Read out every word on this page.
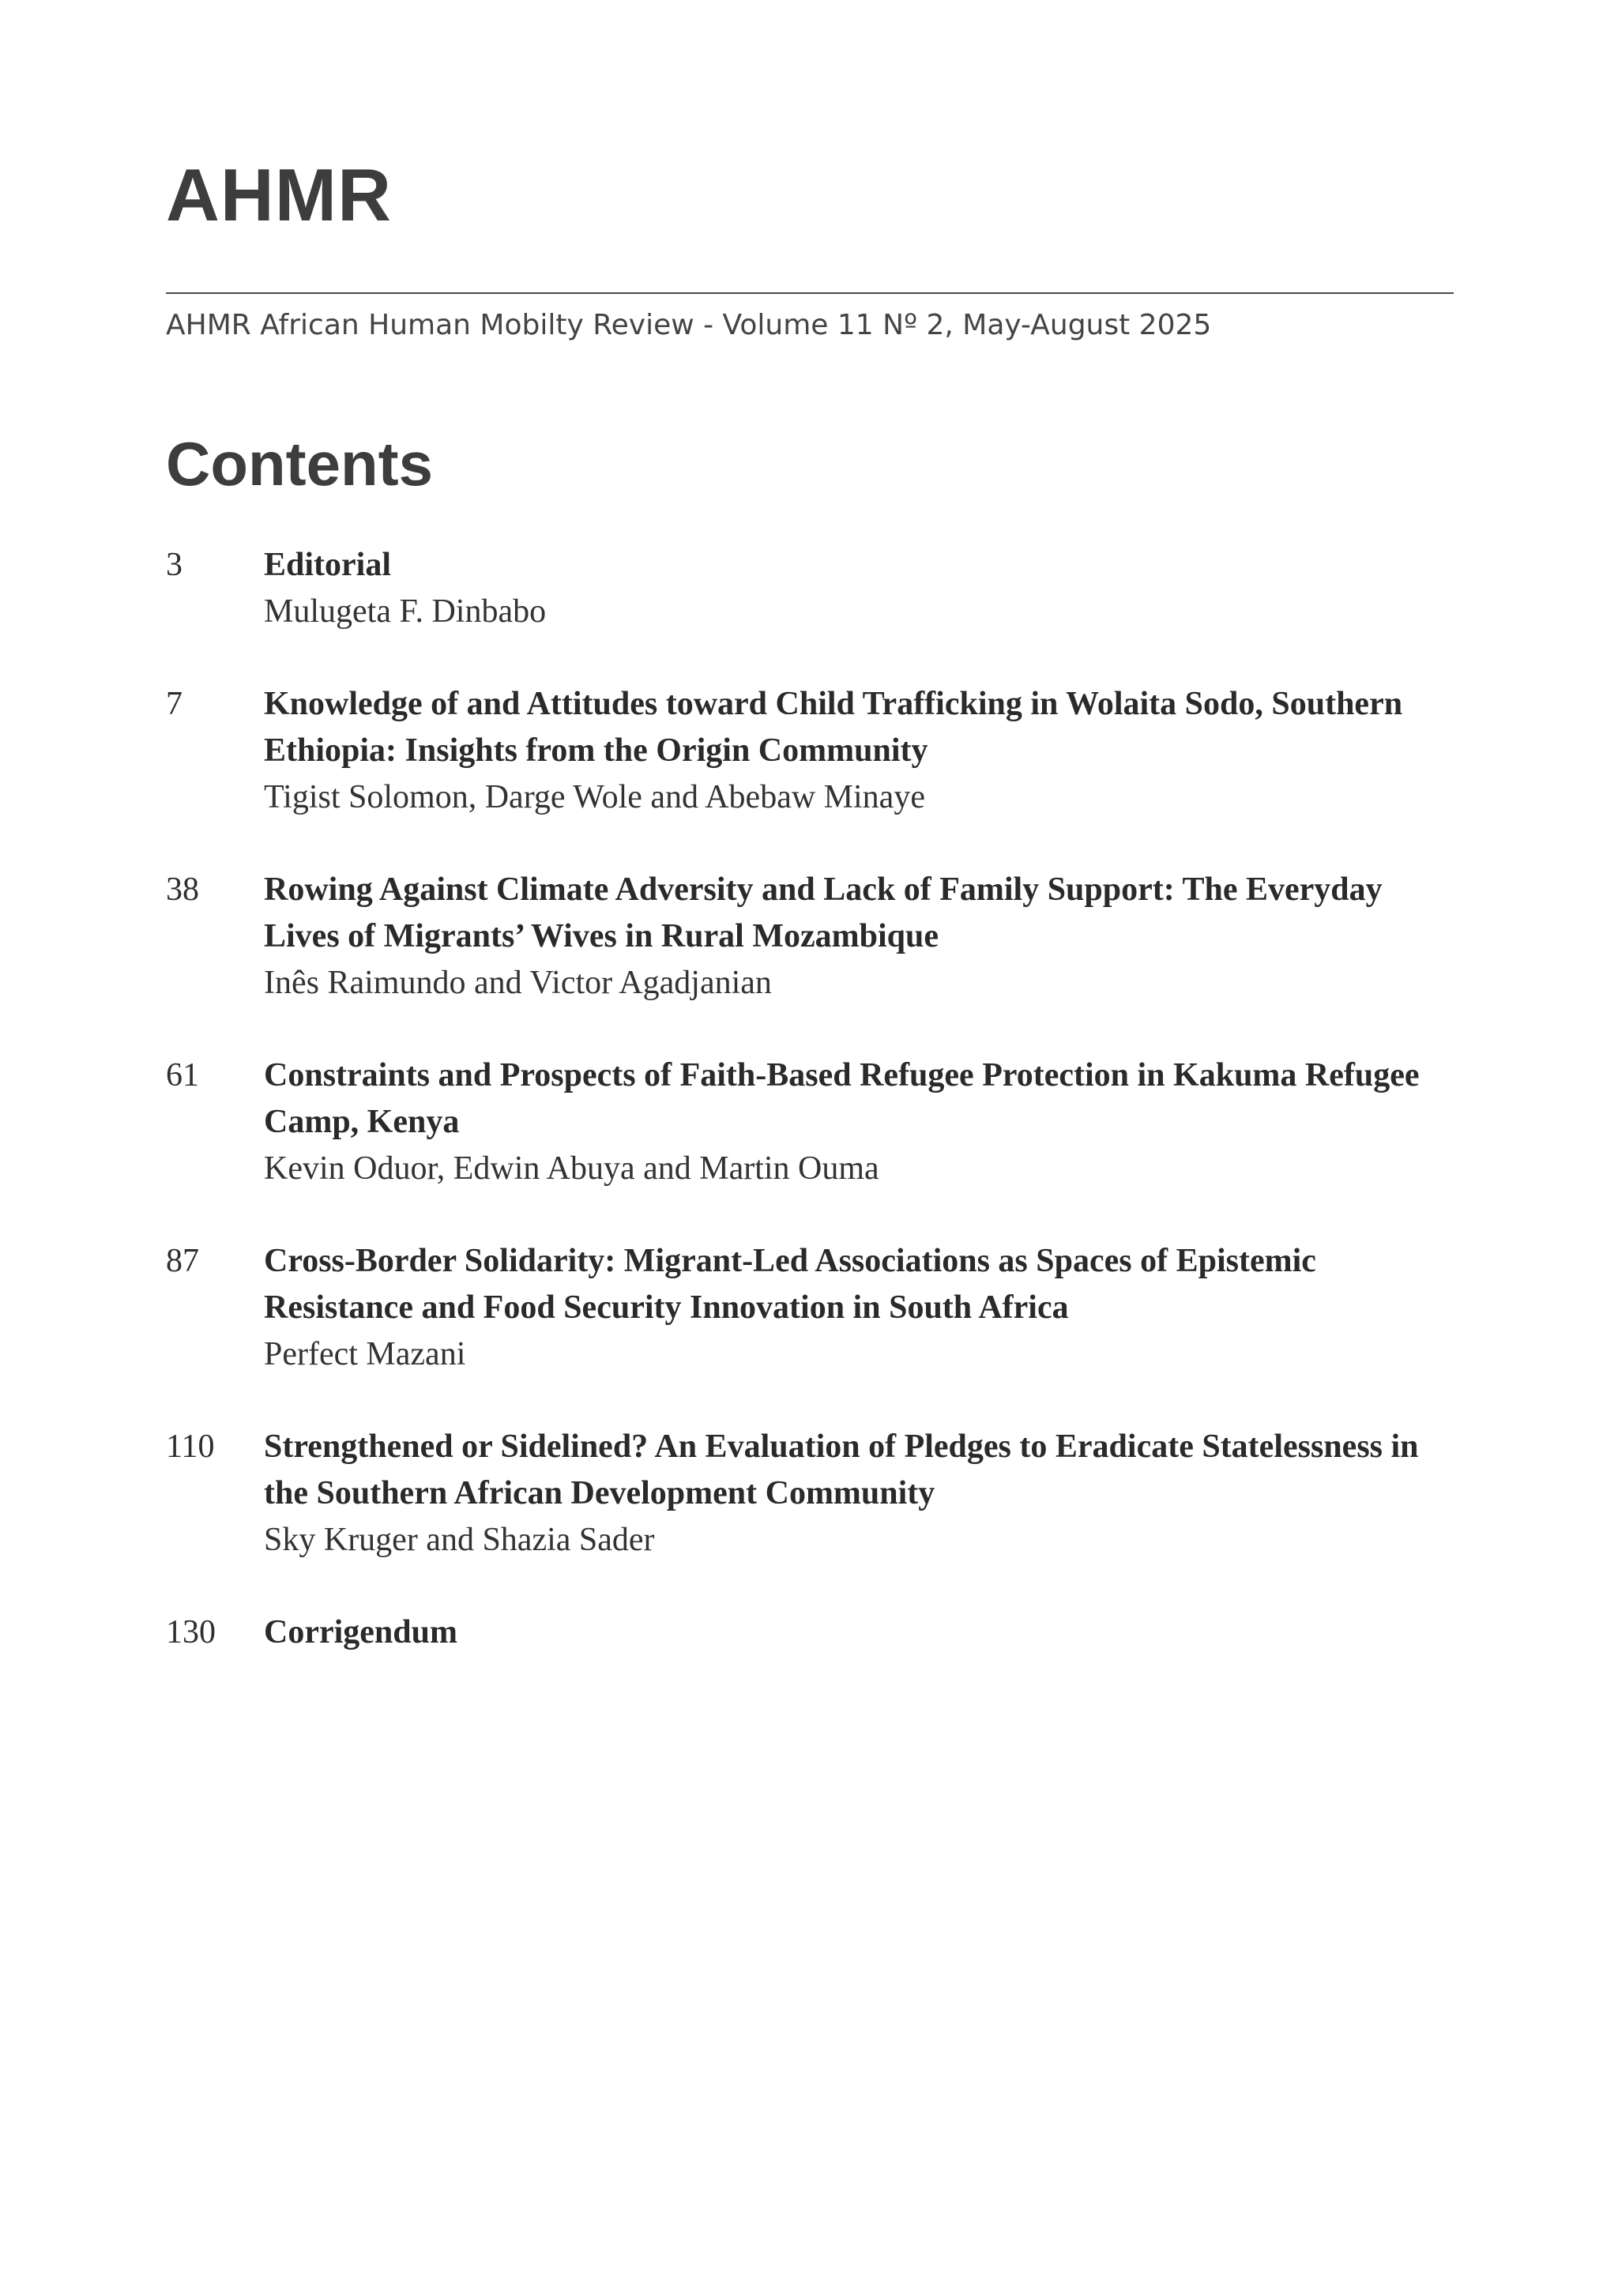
AHMR
AHMR African Human Mobilty Review - Volume 11 Nº 2, May-August 2025
Contents
3	Editorial
Mulugeta F. Dinbabo
7	Knowledge of and Attitudes toward Child Trafficking in Wolaita Sodo, Southern Ethiopia: Insights from the Origin Community
Tigist Solomon, Darge Wole and Abebaw Minaye
38	Rowing Against Climate Adversity and Lack of Family Support: The Everyday Lives of Migrants’ Wives in Rural Mozambique
Inês Raimundo and Victor Agadjanian
61	Constraints and Prospects of Faith-Based Refugee Protection in Kakuma Refugee Camp, Kenya
Kevin Oduor, Edwin Abuya and Martin Ouma
87	Cross-Border Solidarity: Migrant-Led Associations as Spaces of Epistemic Resistance and Food Security Innovation in South Africa
Perfect Mazani
110	Strengthened or Sidelined? An Evaluation of Pledges to Eradicate Statelessness in the Southern African Development Community
Sky Kruger and Shazia Sader
130	Corrigendum
